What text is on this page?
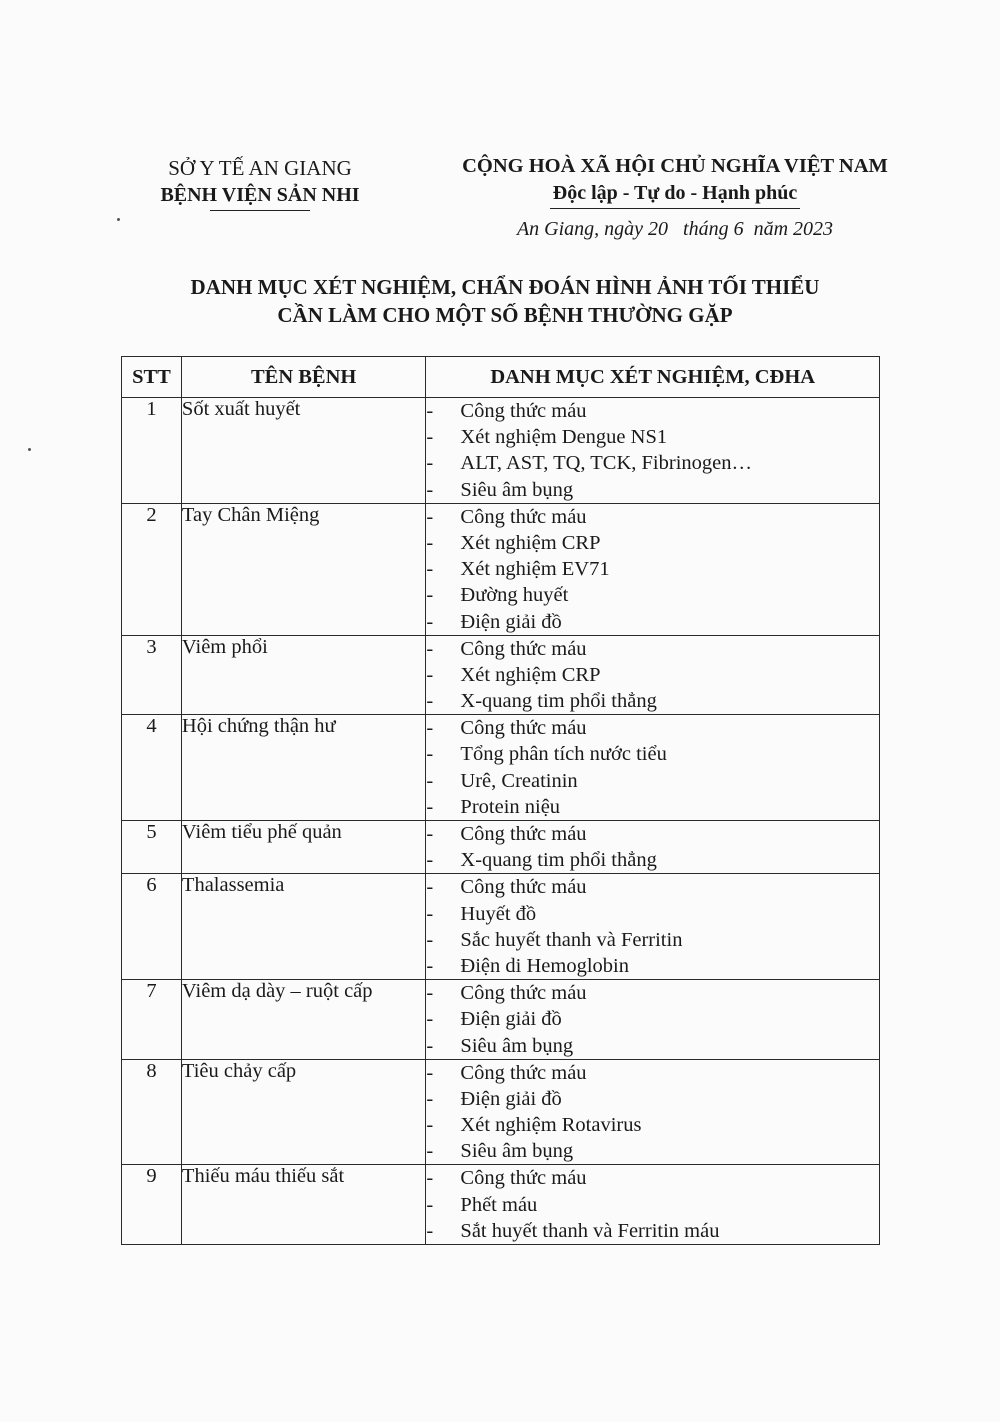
SỞ Y TẾ AN GIANG
BỆNH VIỆN SẢN NHI
CỘNG HOÀ XÃ HỘI CHỦ NGHĨA VIỆT NAM
Độc lập - Tự do - Hạnh phúc
An Giang, ngày 20   tháng 6  năm 2023
DANH MỤC XÉT NGHIỆM, CHẨN ĐOÁN HÌNH ẢNH TỐI THIỂU
CẦN LÀM CHO MỘT SỐ BỆNH THƯỜNG GẶP
STT	TÊN BỆNH	DANH MỤC XÉT NGHIỆM, CĐHA
1	Sốt xuất huyết	- Công thức máu
- Xét nghiệm Dengue NS1
- ALT, AST, TQ, TCK, Fibrinogen…
- Siêu âm bụng

2	Tay Chân Miệng	- Công thức máu
- Xét nghiệm CRP
- Xét nghiệm EV71
- Đường huyết
- Điện giải đồ

3	Viêm phổi	- Công thức máu
- Xét nghiệm CRP
- X-quang tim phổi thẳng

4	Hội chứng thận hư	- Công thức máu
- Tổng phân tích nước tiểu
- Urê, Creatinin
- Protein niệu

5	Viêm tiểu phế quản	- Công thức máu
- X-quang tim phổi thẳng

6	Thalassemia	- Công thức máu
- Huyết đồ
- Sắc huyết thanh và Ferritin
- Điện di Hemoglobin

7	Viêm dạ dày – ruột cấp	- Công thức máu
- Điện giải đồ
- Siêu âm bụng

8	Tiêu chảy cấp	- Công thức máu
- Điện giải đồ
- Xét nghiệm Rotavirus
- Siêu âm bụng

9	Thiếu máu thiếu sắt	- Công thức máu
- Phết máu
- Sắt huyết thanh và Ferritin máu
